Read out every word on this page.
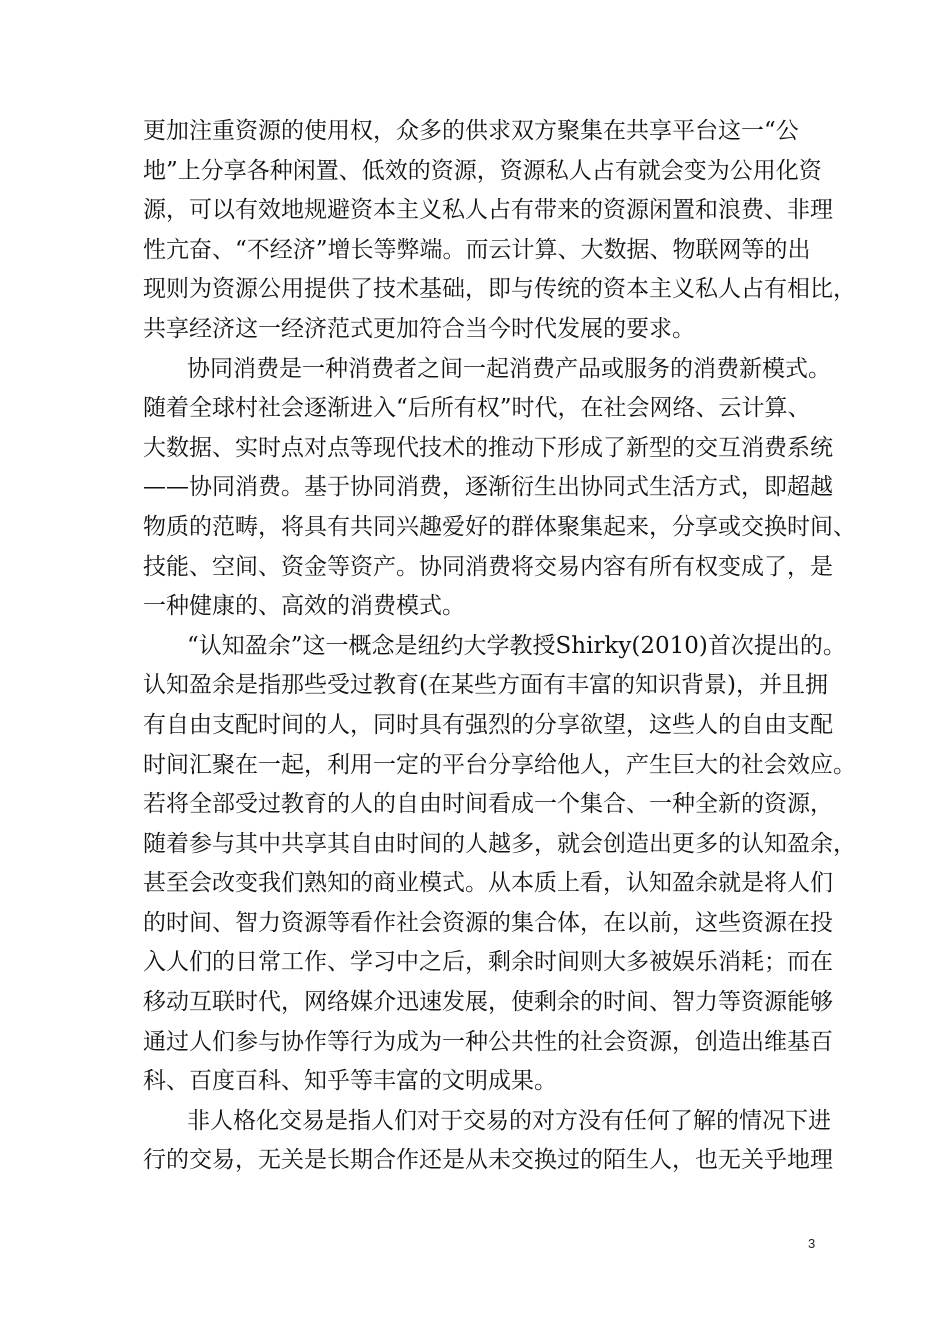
更加注重资源的使用权，众多的供求双方聚集在共享平台这一“公
地”上分享各种闲置、低效的资源，资源私人占有就会变为公用化资
源，可以有效地规避资本主义私人占有带来的资源闲置和浪费、非理
性亢奋、“不经济”增长等弊端。而云计算、大数据、物联网等的出
现则为资源公用提供了技术基础，即与传统的资本主义私人占有相比，
共享经济这一经济范式更加符合当今时代发展的要求。
协同消费是一种消费者之间一起消费产品或服务的消费新模式。
随着全球村社会逐渐进入“后所有权”时代，在社会网络、云计算、
大数据、实时点对点等现代技术的推动下形成了新型的交互消费系统
——协同消费。基于协同消费，逐渐衍生出协同式生活方式，即超越
物质的范畴，将具有共同兴趣爱好的群体聚集起来，分享或交换时间、
技能、空间、资金等资产。协同消费将交易内容有所有权变成了，是
一种健康的、高效的消费模式。
“认知盈余”这一概念是纽约大学教授Shirky(2010)首次提出的。
认知盈余是指那些受过教育(在某些方面有丰富的知识背景)，并且拥
有自由支配时间的人，同时具有强烈的分享欲望，这些人的自由支配
时间汇聚在一起，利用一定的平台分享给他人，产生巨大的社会效应。
若将全部受过教育的人的自由时间看成一个集合、一种全新的资源，
随着参与其中共享其自由时间的人越多，就会创造出更多的认知盈余，
甚至会改变我们熟知的商业模式。从本质上看，认知盈余就是将人们
的时间、智力资源等看作社会资源的集合体，在以前，这些资源在投
入人们的日常工作、学习中之后，剩余时间则大多被娱乐消耗；而在
移动互联时代，网络媒介迅速发展，使剩余的时间、智力等资源能够
通过人们参与协作等行为成为一种公共性的社会资源，创造出维基百
科、百度百科、知乎等丰富的文明成果。
非人格化交易是指人们对于交易的对方没有任何了解的情况下进
行的交易，无关是长期合作还是从未交换过的陌生人，也无关乎地理
3
